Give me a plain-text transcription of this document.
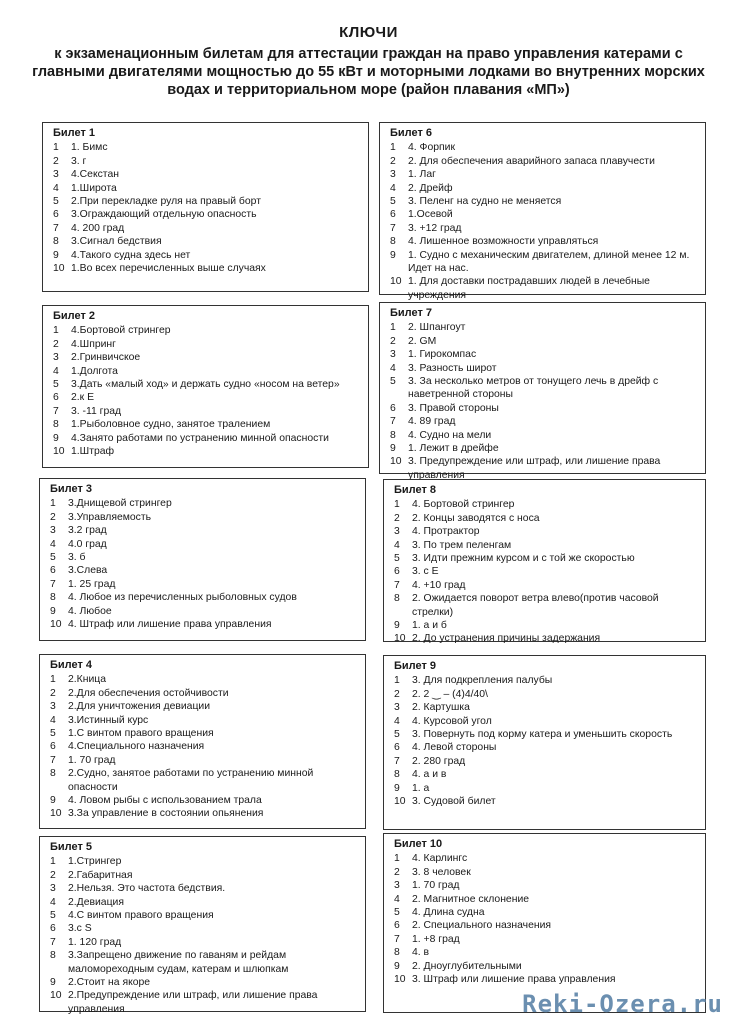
КЛЮЧИ
к экзаменационным билетам для аттестации граждан на право управления катерами с главными двигателями мощностью до 55 кВт и моторными лодками во внутренних морских водах и территориальном море (район плавания «МП»)
Билет 1
1	1. Бимс
2	3. г
3	4.Секстан
4	1.Широта
5	2.При перекладке руля на правый борт
6	3.Ограждающий отдельную опасность
7	4. 200 град
8	3.Сигнал бедствия
9	4.Такого судна здесь нет
10 1.Во всех перечисленных выше случаях
Билет 2
1	4.Бортовой стрингер
2	4.Шпринг
3	2.Гринвичское
4	1.Долгота
5	3.Дать «малый ход» и держать судно «носом на ветер»
6	2.к Е
7	3. -11 град
8	1.Рыболовное судно, занятое тралением
9	4.Занято работами по устранению минной опасности
10 1.Штраф
Билет 3
1	3.Днищевой стрингер
2	3.Управляемость
3	3.2 град
4	4.0 град
5	3. б
6	3.Слева
7	1. 25 град
8	4. Любое из перечисленных рыболовных судов
9	4. Любое
10 4. Штраф или лишение права управления
Билет 4
1	2.Кница
2	2.Для обеспечения остойчивости
3	2.Для уничтожения девиации
4	3.Истинный курс
5	1.С винтом правого вращения
6	4.Специального назначения
7	1. 70 град
8	2.Судно, занятое работами по устранению минной опасности
9	4. Ловом рыбы с использованием трала
10 3.За управление в состоянии опьянения
Билет 5
1	1.Стрингер
2	2.Габаритная
3	2.Нельзя. Это частота бедствия.
4	2.Девиация
5	4.С винтом правого вращения
6	3.с S
7	1. 120 град
8	3.Запрещено движение по гаваням и рейдам маломореходным судам, катерам и шлюпкам
9	2.Стоит на якоре
10 2.Предупреждение или штраф, или лишение права управления
Билет 6
1	4. Форпик
2	2. Для обеспечения аварийного запаса плавучести
3	1. Лаг
4	2. Дрейф
5	3. Пеленг на судно не меняется
6	1.Осевой
7	3. +12 град
8	4. Лишенное возможности управляться
9	1. Судно с механическим двигателем, длиной менее 12 м. Идет на нас.
10 1. Для доставки пострадавших людей в лечебные учреждения
Билет 7
1	2. Шпангоут
2	2. GM
3	1. Гирокомпас
4	3. Разность широт
5	3. За несколько метров от тонущего лечь в дрейф с наветренной стороны
6	3. Правой стороны
7	4. 89 град
8	4. Судно на мели
9	1. Лежит в дрейфе
10 3. Предупреждение или штраф, или лишение права управления
Билет 8
1	4. Бортовой стрингер
2	2. Концы заводятся с носа
3	4. Протрактор
4	3. По трем пеленгам
5	3. Идти прежним курсом и с той же скоростью
6	3. с Е
7	4. +10 град
8	2. Ожидается поворот ветра влево(против часовой стрелки)
9	1. а и б
10 2. До устранения причины задержания
Билет 9
1	3. Для подкрепления палубы
2	2. 2 ‿ – (4)4/40\
3	2. Картушка
4	4. Курсовой угол
5	3. Повернуть под корму катера и уменьшить скорость
6	4. Левой стороны
7	2. 280 град
8	4. а и в
9	1. а
10 3. Судовой билет
Билет 10
1	4. Карлингс
2	3. 8 человек
3	1. 70 град
4	2. Магнитное склонение
5	4. Длина судна
6	2. Специального назначения
7	1. +8 град
8	4. в
9	2. Днoуглубительными
10 3. Штраф или лишение права управления
Reki-Ozera.ru
